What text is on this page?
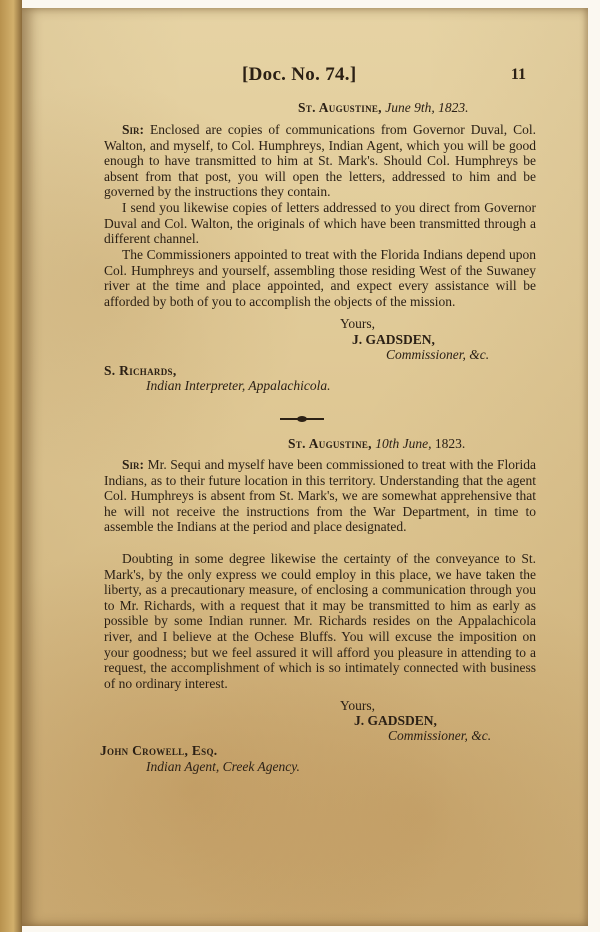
[Doc. No. 74.]	11
St. Augustine, June 9th, 1823.

Sir: Enclosed are copies of communications from Governor Duval, Col. Walton, and myself, to Col. Humphreys, Indian Agent, which you will be good enough to have transmitted to him at St. Mark's. Should Col. Humphreys be absent from that post, you will open the letters, addressed to him and be governed by the instructions they contain.

I send you likewise copies of letters addressed to you direct from Governor Duval and Col. Walton, the originals of which have been transmitted through a different channel.

The Commissioners appointed to treat with the Florida Indians depend upon Col. Humphreys and yourself, assembling those residing West of the Suwaney river at the time and place appointed, and expect every assistance will be afforded by both of you to accomplish the objects of the mission.

Yours,
J. GADSDEN,
Commissioner, &c.
S. Richards,
Indian Interpreter, Appalachicola.
St. Augustine, 10th June, 1823.

Sir: Mr. Sequi and myself have been commissioned to treat with the Florida Indians, as to their future location in this territory. Understanding that the agent Col. Humphreys is absent from St. Mark's, we are somewhat apprehensive that he will not receive the instructions from the War Department, in time to assemble the Indians at the period and place designated.

Doubting in some degree likewise the certainty of the conveyance to St. Mark's, by the only express we could employ in this place, we have taken the liberty, as a precautionary measure, of enclosing a communication through you to Mr. Richards, with a request that it may be transmitted to him as early as possible by some Indian runner. Mr. Richards resides on the Appalachicola river, and I believe at the Ochese Bluffs. You will excuse the imposition on your goodness; but we feel assured it will afford you pleasure in attending to a request, the accomplishment of which is so intimately connected with business of no ordinary interest.

Yours,
J. GADSDEN,
Commissioner, &c.
John Crowell, Esq.
Indian Agent, Creek Agency.
